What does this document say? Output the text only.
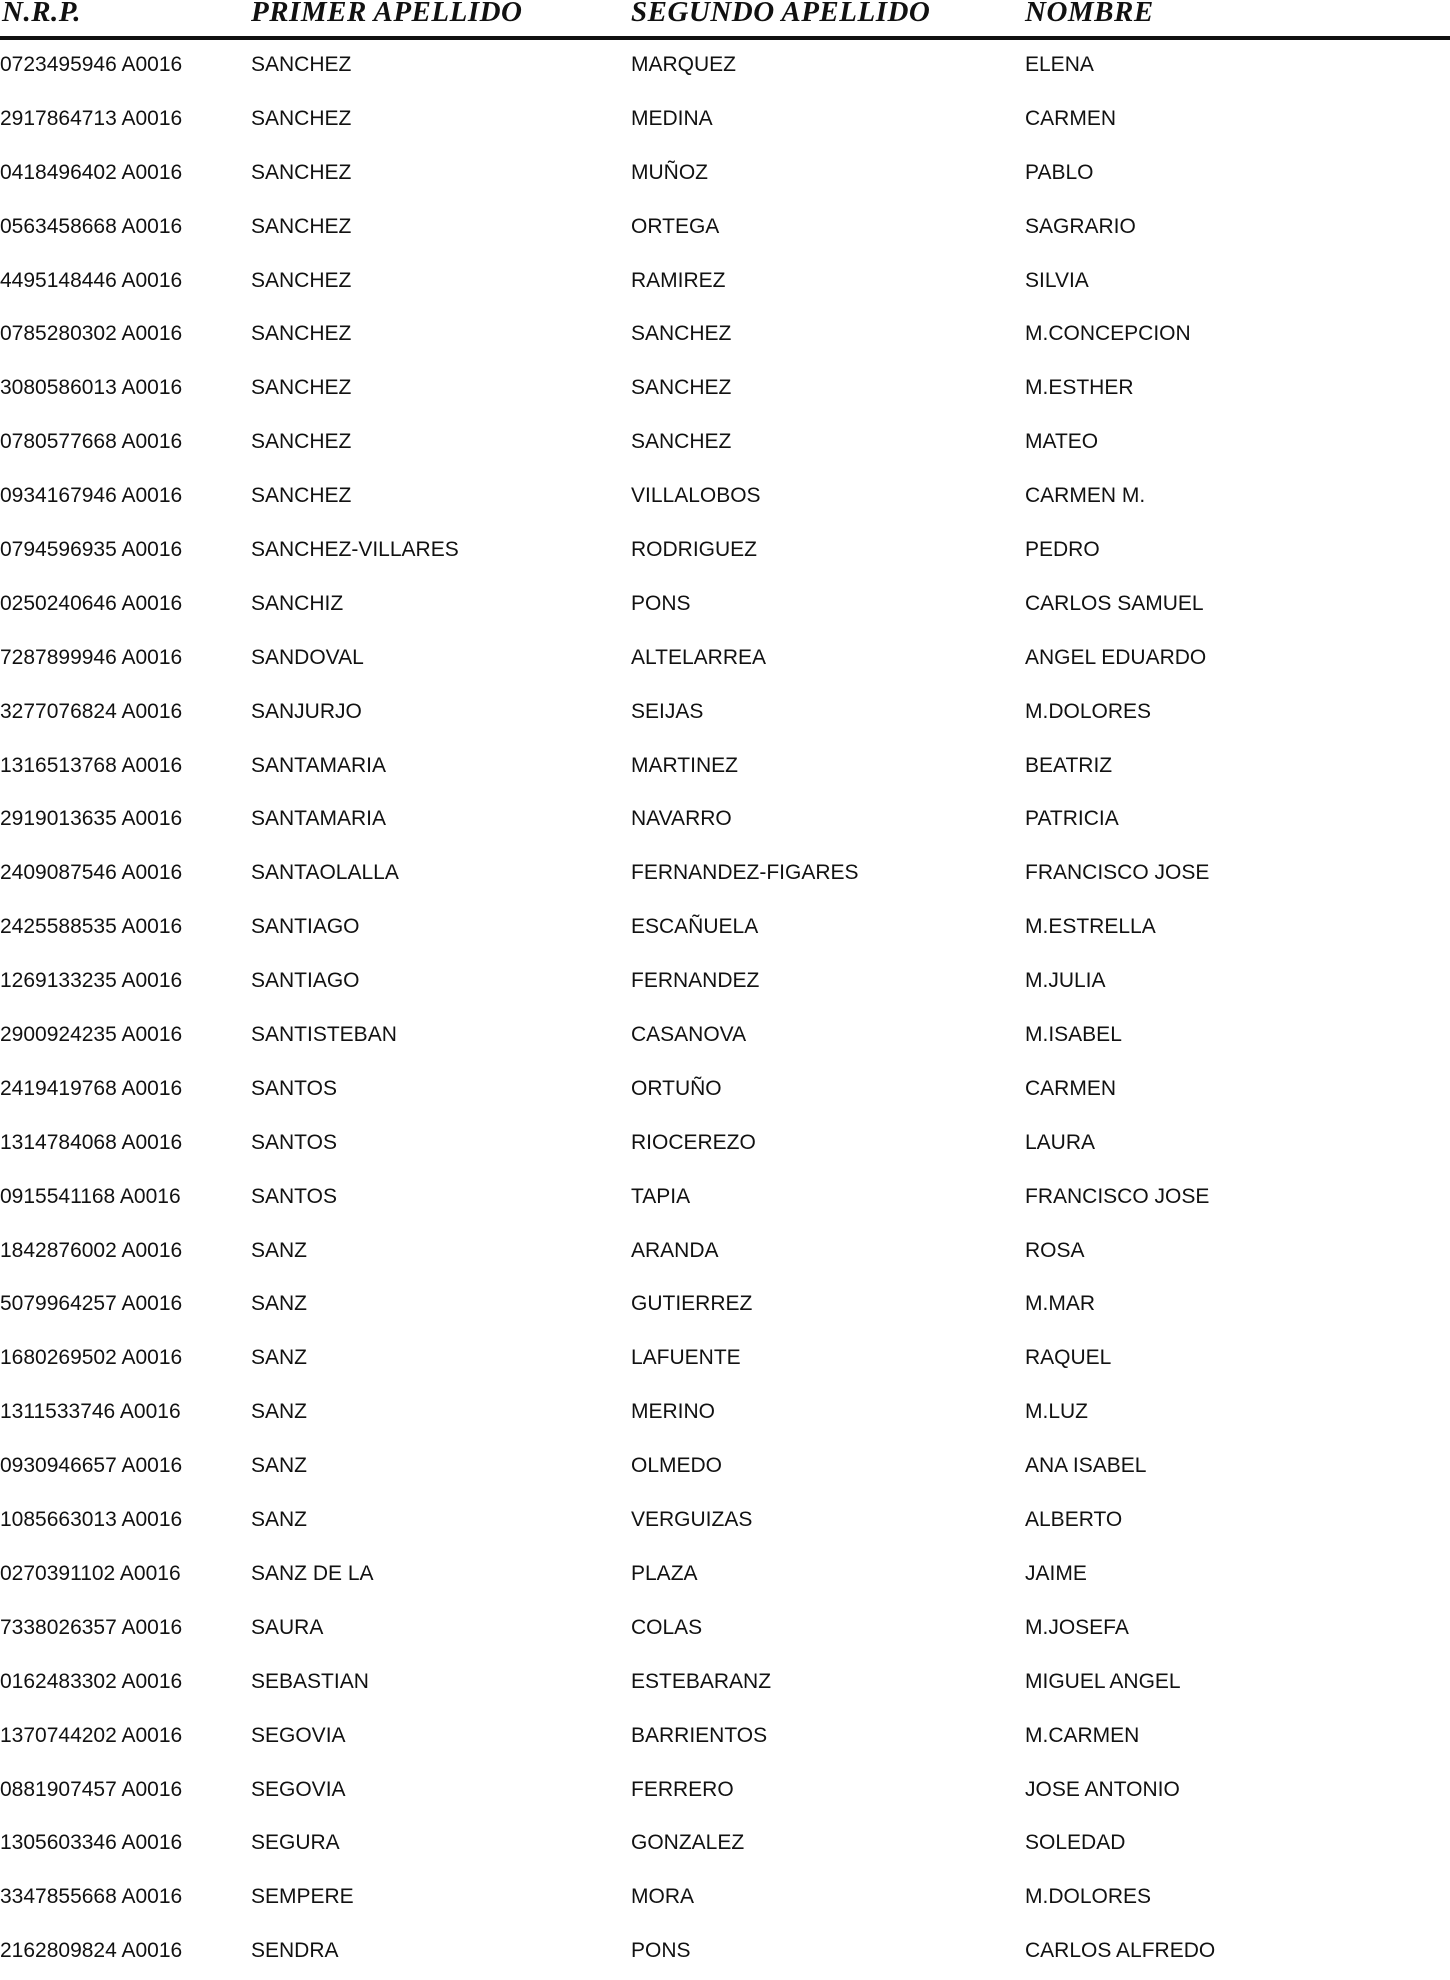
N.R.P.	PRIMER APELLIDO	SEGUNDO APELLIDO	NOMBRE
0723495946 A0016	SANCHEZ	MARQUEZ	ELENA
2917864713 A0016	SANCHEZ	MEDINA	CARMEN
0418496402 A0016	SANCHEZ	MUÑOZ	PABLO
0563458668 A0016	SANCHEZ	ORTEGA	SAGRARIO
4495148446 A0016	SANCHEZ	RAMIREZ	SILVIA
0785280302 A0016	SANCHEZ	SANCHEZ	M.CONCEPCION
3080586013 A0016	SANCHEZ	SANCHEZ	M.ESTHER
0780577668 A0016	SANCHEZ	SANCHEZ	MATEO
0934167946 A0016	SANCHEZ	VILLALOBOS	CARMEN M.
0794596935 A0016	SANCHEZ-VILLARES	RODRIGUEZ	PEDRO
0250240646 A0016	SANCHIZ	PONS	CARLOS SAMUEL
7287899946 A0016	SANDOVAL	ALTELARREA	ANGEL EDUARDO
3277076824 A0016	SANJURJO	SEIJAS	M.DOLORES
1316513768 A0016	SANTAMARIA	MARTINEZ	BEATRIZ
2919013635 A0016	SANTAMARIA	NAVARRO	PATRICIA
2409087546 A0016	SANTAOLALLA	FERNANDEZ-FIGARES	FRANCISCO JOSE
2425588535 A0016	SANTIAGO	ESCAÑUELA	M.ESTRELLA
1269133235 A0016	SANTIAGO	FERNANDEZ	M.JULIA
2900924235 A0016	SANTISTEBAN	CASANOVA	M.ISABEL
2419419768 A0016	SANTOS	ORTUÑO	CARMEN
1314784068 A0016	SANTOS	RIOCEREZO	LAURA
0915541168 A0016	SANTOS	TAPIA	FRANCISCO JOSE
1842876002 A0016	SANZ	ARANDA	ROSA
5079964257 A0016	SANZ	GUTIERREZ	M.MAR
1680269502 A0016	SANZ	LAFUENTE	RAQUEL
1311533746 A0016	SANZ	MERINO	M.LUZ
0930946657 A0016	SANZ	OLMEDO	ANA ISABEL
1085663013 A0016	SANZ	VERGUIZAS	ALBERTO
0270391102 A0016	SANZ DE LA	PLAZA	JAIME
7338026357 A0016	SAURA	COLAS	M.JOSEFA
0162483302 A0016	SEBASTIAN	ESTEBARANZ	MIGUEL ANGEL
1370744202 A0016	SEGOVIA	BARRIENTOS	M.CARMEN
0881907457 A0016	SEGOVIA	FERRERO	JOSE ANTONIO
1305603346 A0016	SEGURA	GONZALEZ	SOLEDAD
3347855668 A0016	SEMPERE	MORA	M.DOLORES
2162809824 A0016	SENDRA	PONS	CARLOS ALFREDO
